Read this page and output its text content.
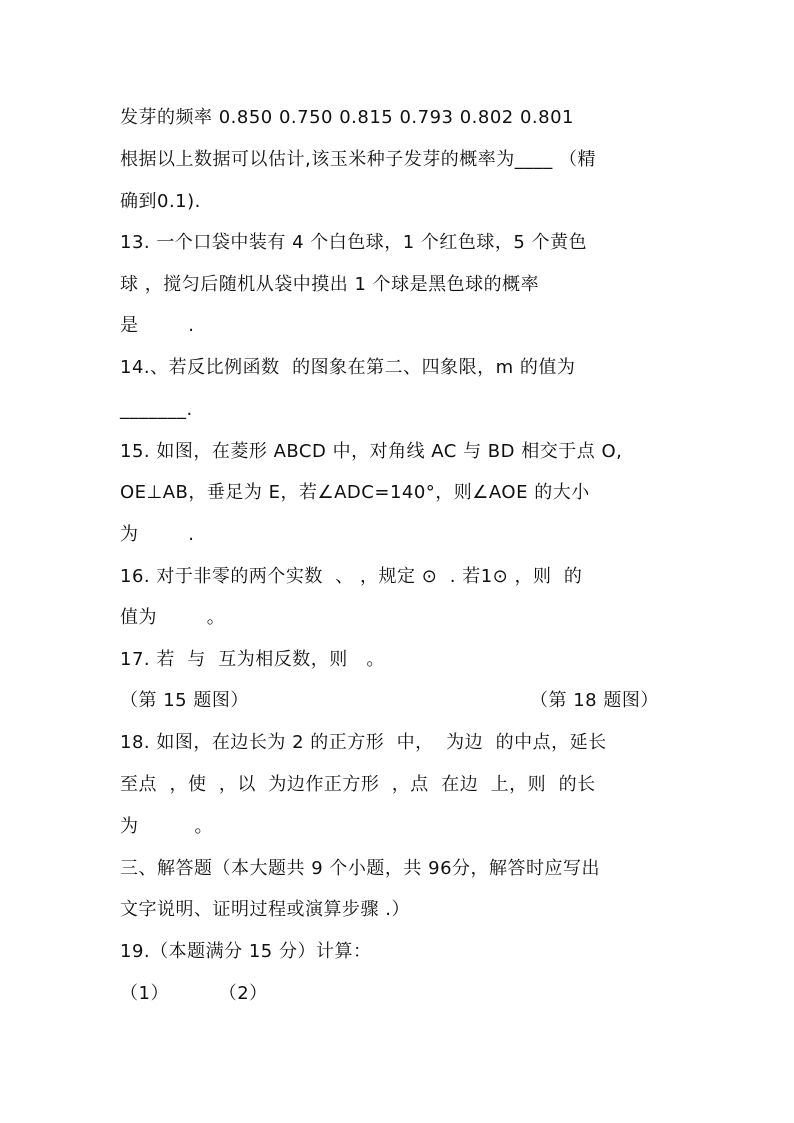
发芽的频率 0.850 0.750 0.815 0.793 0.802 0.801
根据以上数据可以估计,该玉米种子发芽的概率为____ （精
确到0.1).
13. 一个口袋中装有 4 个白色球，1 个红色球，5 个黄色
球 ，搅匀后随机从袋中摸出 1 个球是黑色球的概率
是        .
14.、若反比例函数  的图象在第二、四象限，m 的值为
_______.
15. 如图，在菱形 ABCD 中，对角线 AC 与 BD 相交于点 O,
OE⊥AB，垂足为 E，若∠ADC=140°，则∠AOE 的大小
为        .
16. 对于非零的两个实数  、 ，规定 ⊙  . 若1⊙ ，则  的
值为        。
17. 若  与  互为相反数，则   。
（第 15 题图）	（第 18 题图）
18. 如图，在边长为 2 的正方形  中，  为边  的中点，延长
至点  ，使  ，以  为边作正方形  ，点  在边  上，则  的长
为         。
三、解答题（本大题共 9 个小题，共 96分，解答时应写出
文字说明、证明过程或演算步骤 .）
19.（本题满分 15 分）计算：
（1）        （2）
